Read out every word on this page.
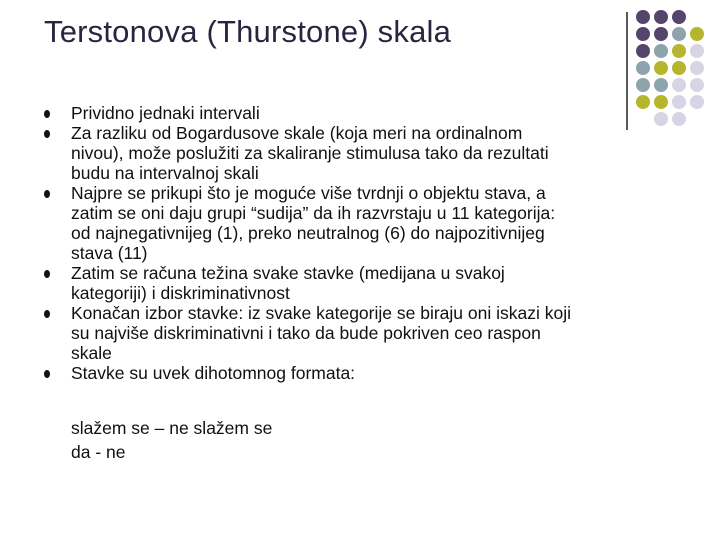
Terstonova (Thurstone) skala
Prividno jednaki intervali
Za razliku od Bogardusove skale (koja meri na ordinalnom
nivou), može poslužiti za skaliranje stimulusa tako da rezultati
budu na intervalnoj skali
Najpre se prikupi što je moguće više tvrdnji o objektu stava, a
zatim se oni daju grupi “sudija” da ih razvrstaju u 11 kategorija:
od najnegativnijeg (1), preko neutralnog (6) do najpozitivnijeg
stava (11)
Zatim se računa težina svake stavke (medijana u svakoj
kategoriji) i diskriminativnost
Konačan izbor stavke: iz svake kategorije se biraju oni iskazi koji
su najviše diskriminativni i tako da bude pokriven ceo raspon
skale
Stavke su uvek dihotomnog formata:
slažem se – ne slažem se
da - ne
